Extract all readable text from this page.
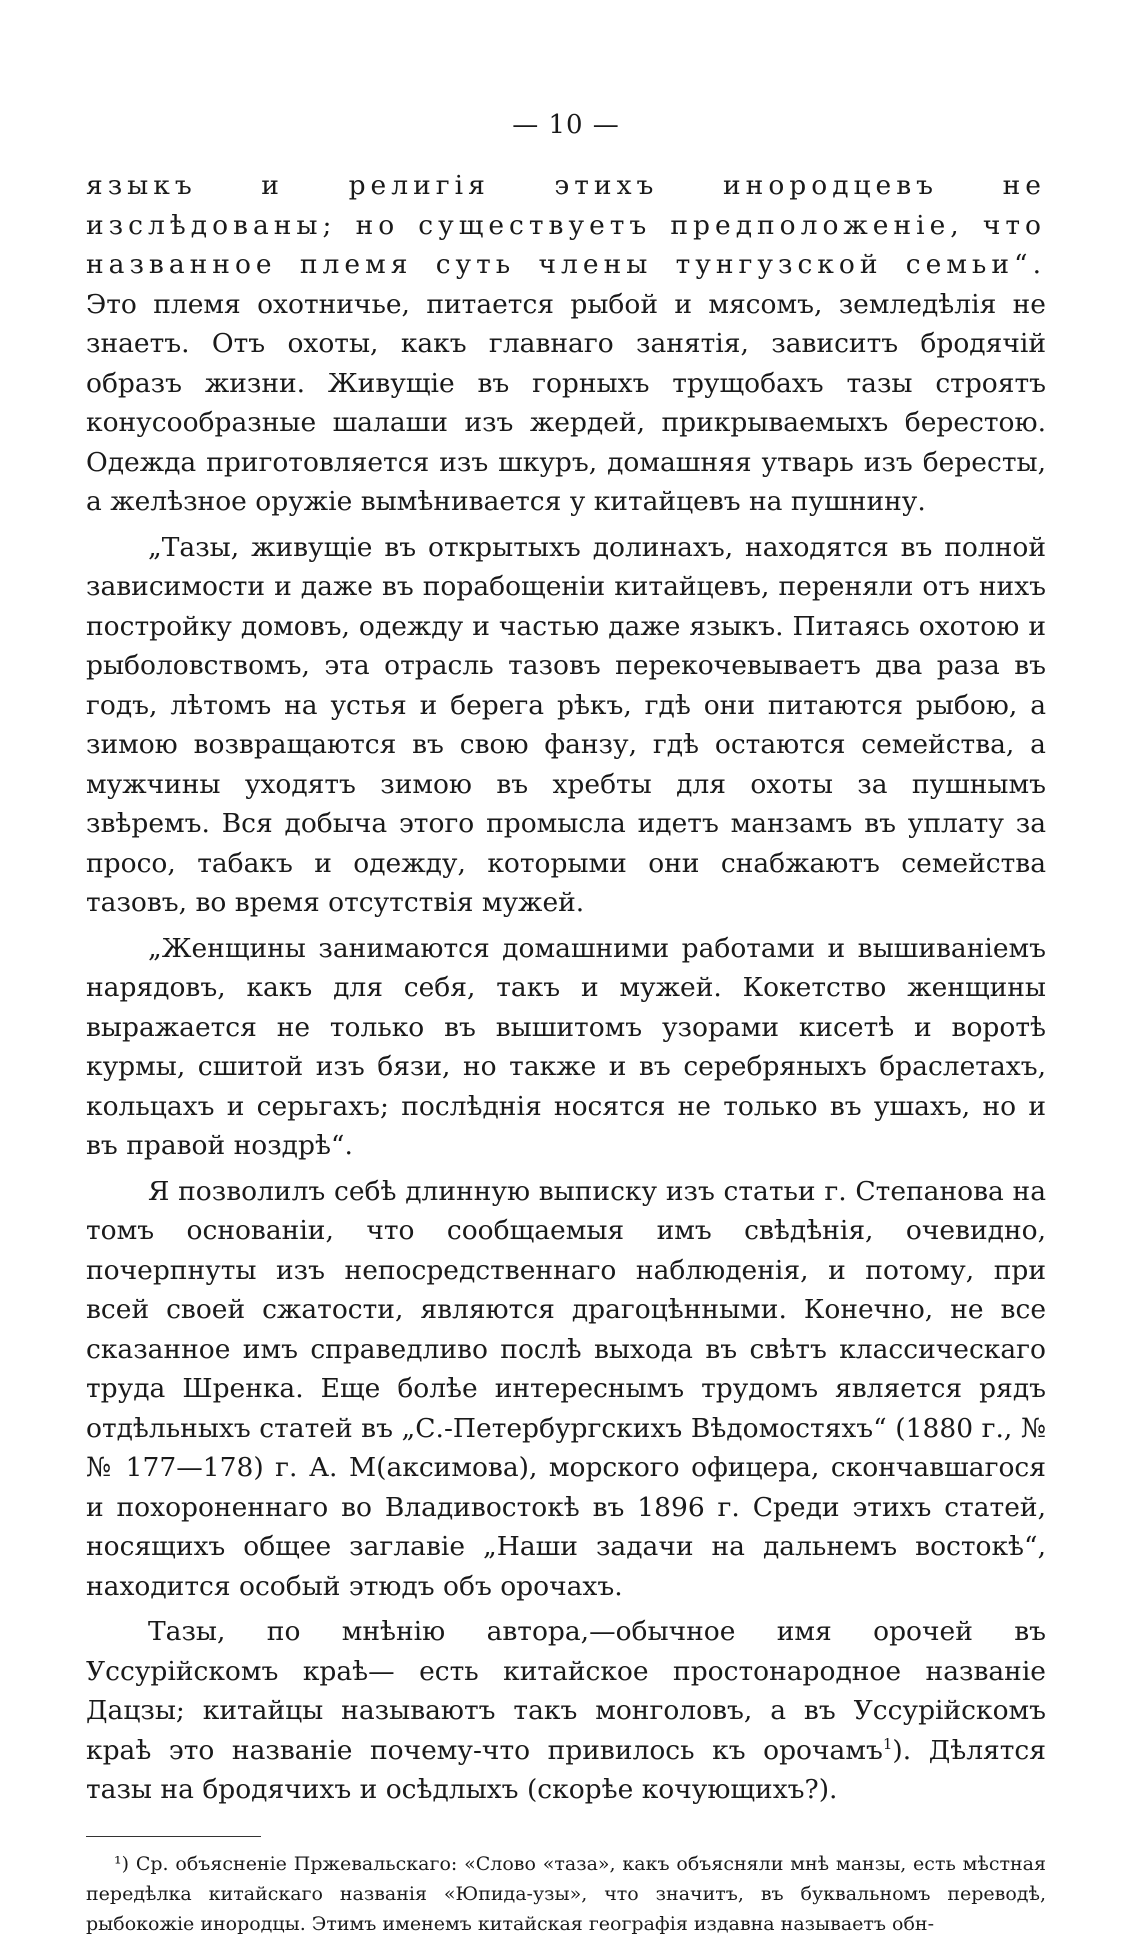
— 10 —

языкъ и религія этихъ инородцевъ не изслѣдованы; но существуетъ предположеніе, что названное племя суть члены тунгузской семьи“. Это племя охотничье, питается рыбой и мясомъ, земледѣлія не знаетъ. Отъ охоты, какъ главнаго занятія, зависитъ бродячій образъ жизни. Живущіе въ горныхъ трущобахъ тазы строятъ конусообразные шалаши изъ жердей, прикрываемыхъ берестою. Одежда приготовляется изъ шкуръ, домашняя утварь изъ бересты, а желѣзное оружіе вымѣнивается у китайцевъ на пушнину.

„Тазы, живущіе въ открытыхъ долинахъ, находятся въ полной зависимости и даже въ порабощеніи китайцевъ, переняли отъ нихъ постройку домовъ, одежду и частью даже языкъ. Питаясь охотою и рыболовствомъ, эта отрасль тазовъ перекочевываетъ два раза въ годъ, лѣтомъ на устья и берега рѣкъ, гдѣ они питаются рыбою, а зимою возвращаются въ свою фанзу, гдѣ остаются семейства, а мужчины уходятъ зимою въ хребты для охоты за пушнымъ звѣремъ. Вся добыча этого промысла идетъ манзамъ въ уплату за просо, табакъ и одежду, которыми они снабжаютъ семейства тазовъ, во время отсутствія мужей.

„Женщины занимаются домашними работами и вышиваніемъ нарядовъ, какъ для себя, такъ и мужей. Кокетство женщины выражается не только въ вышитомъ узорами кисетѣ и воротѣ курмы, сшитой изъ бязи, но также и въ серебряныхъ браслетахъ, кольцахъ и серьгахъ; послѣднія носятся не только въ ушахъ, но и въ правой ноздрѣ“.

Я позволилъ себѣ длинную выписку изъ статьи г. Степанова на томъ основаніи, что сообщаемыя имъ свѣдѣнія, очевидно, почерпнуты изъ непосредственнаго наблюденія, и потому, при всей своей сжатости, являются драгоцѣнными. Конечно, не все сказанное имъ справедливо послѣ выхода въ свѣтъ классическаго труда Шренка. Еще болѣе интереснымъ трудомъ является рядъ отдѣльныхъ статей въ „С.-Петербургскихъ Вѣдомостяхъ“ (1880 г., №№ 177—178) г. А. М(аксимова), морского офицера, скончавшагося и похороненнаго во Владивостокѣ въ 1896 г. Среди этихъ статей, носящихъ общее заглавіе „Наши задачи на дальнемъ востокѣ“, находится особый этюдъ объ орочахъ.

Тазы, по мнѣнію автора,—обычное имя орочей въ Уссурійскомъ краѣ— есть китайское простонародное названіе Дацзы; китайцы называютъ такъ монголовъ, а въ Уссурійскомъ краѣ это названіе почему-что привилось къ орочамъ$^1$). Дѣлятся тазы на бродячихъ и осѣдлыхъ (скорѣе кочующихъ?).

¹) Ср. объясненіе Пржевальскаго: «Слово «таза», какъ объясняли мнѣ манзы, есть мѣстная передѣлка китайскаго названія «Юпида-узы», что значитъ, въ буквальномъ переводѣ, рыбокожіе инородцы. Этимъ именемъ китайская географія издавна называетъ обн-
